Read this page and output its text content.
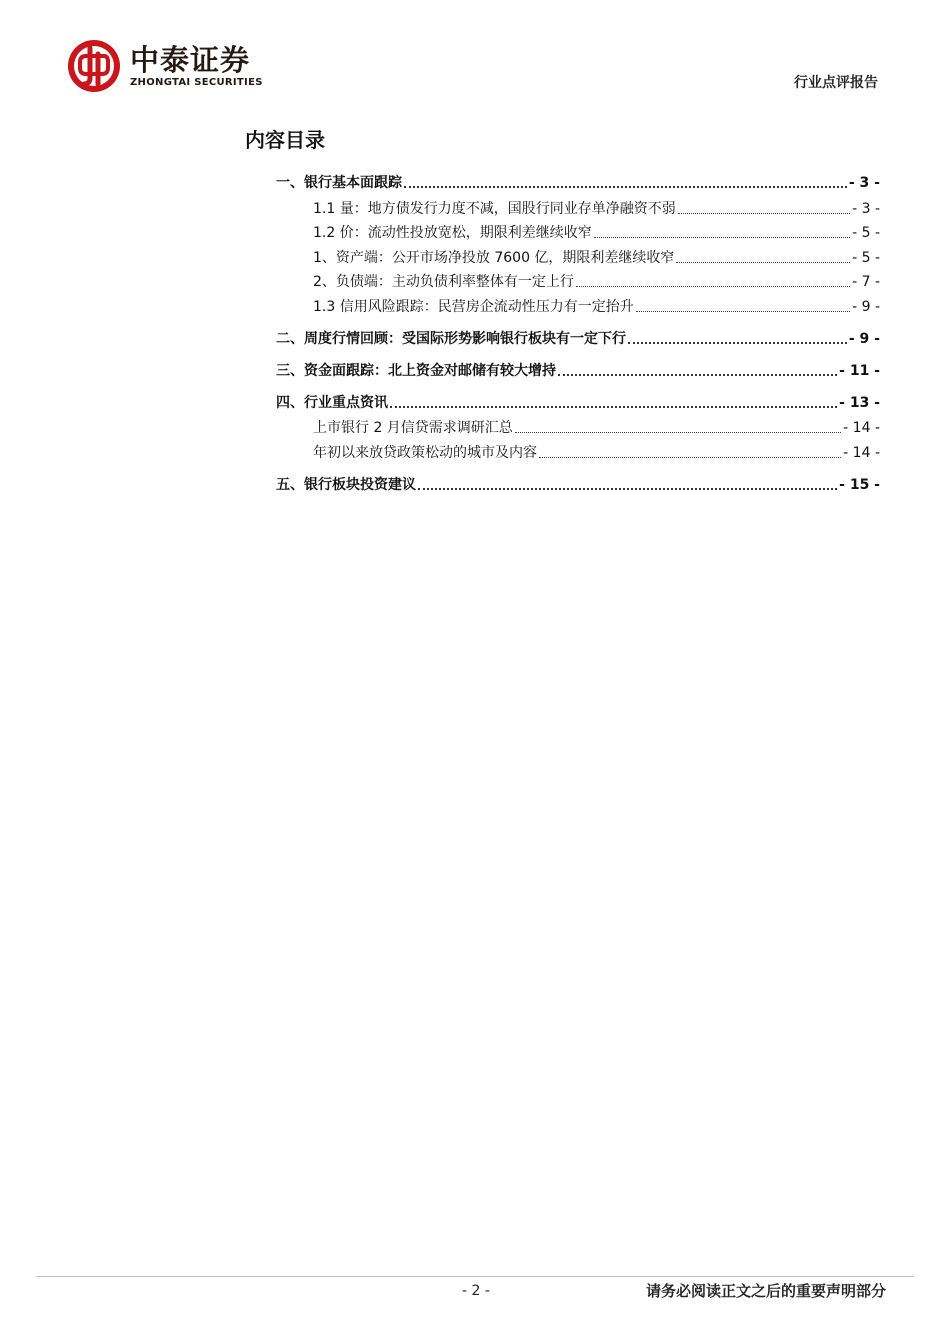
中泰证券
ZHONGTAI SECURITIES	行业点评报告
内容目录
一、银行基本面跟踪	- 3 -
1.1 量：地方债发行力度不减，国股行同业存单净融资不弱	- 3 -
1.2 价：流动性投放宽松，期限利差继续收窄	- 5 -
1、资产端：公开市场净投放 7600 亿，期限利差继续收窄	- 5 -
2、负债端：主动负债利率整体有一定上行	- 7 -
1.3 信用风险跟踪：民营房企流动性压力有一定抬升	- 9 -
二、周度行情回顾：受国际形势影响银行板块有一定下行	- 9 -
三、资金面跟踪：北上资金对邮储有较大增持	- 11 -
四、行业重点资讯	- 13 -
上市银行 2 月信贷需求调研汇总	- 14 -
年初以来放贷政策松动的城市及内容	- 14 -
五、银行板块投资建议	- 15 -
- 2 -	请务必阅读正文之后的重要声明部分
